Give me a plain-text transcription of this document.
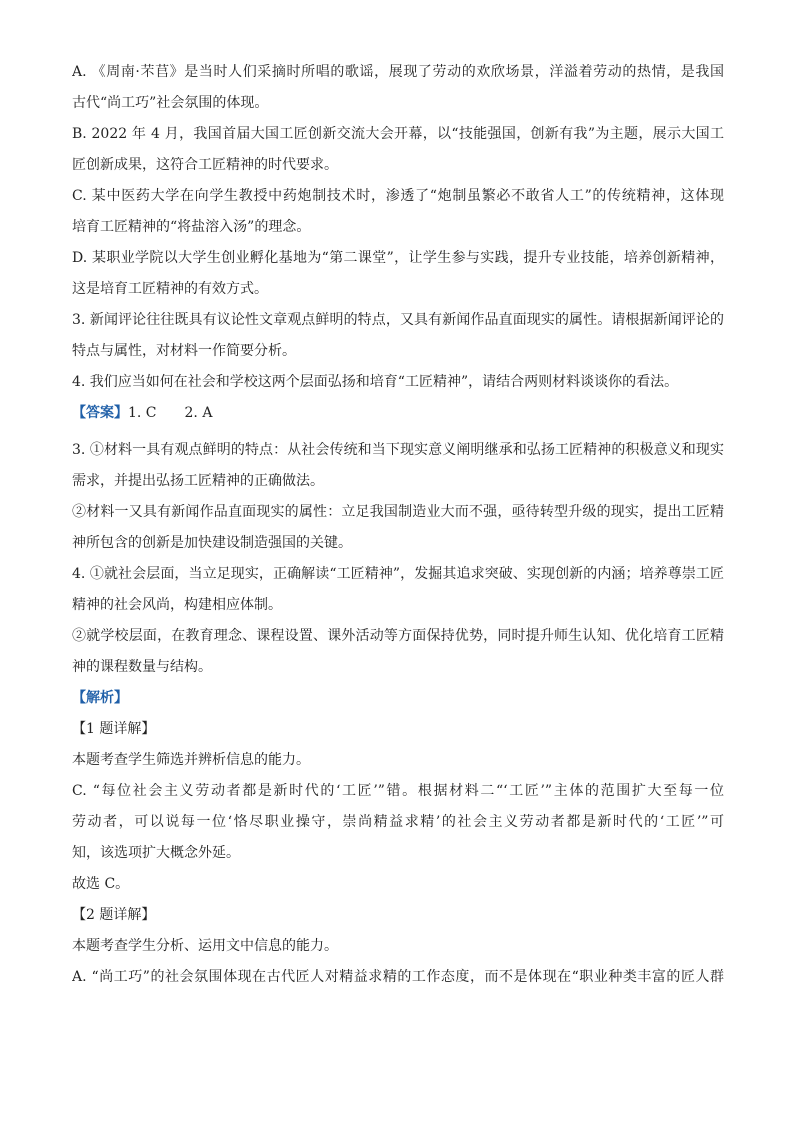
A. 《周南·芣苢》是当时人们采摘时所唱的歌谣，展现了劳动的欢欣场景，洋溢着劳动的热情，是我国
古代“尚工巧”社会氛围的体现。
B. 2022 年 4 月，我国首届大国工匠创新交流大会开幕，以“技能强国，创新有我”为主题，展示大国工
匠创新成果，这符合工匠精神的时代要求。
C. 某中医药大学在向学生教授中药炮制技术时，渗透了“炮制虽繁必不敢省人工”的传统精神，这体现
培育工匠精神的“将盐溶入汤”的理念。
D. 某职业学院以大学生创业孵化基地为“第二课堂”，让学生参与实践，提升专业技能，培养创新精神，
这是培育工匠精神的有效方式。
3. 新闻评论往往既具有议论性文章观点鲜明的特点，又具有新闻作品直面现实的属性。请根据新闻评论的
特点与属性，对材料一作简要分析。
4. 我们应当如何在社会和学校这两个层面弘扬和培育“工匠精神”，请结合两则材料谈谈你的看法。
【答案】1. C　　2. A
3. ①材料一具有观点鲜明的特点：从社会传统和当下现实意义阐明继承和弘扬工匠精神的积极意义和现实
需求，并提出弘扬工匠精神的正确做法。
②材料一又具有新闻作品直面现实的属性：立足我国制造业大而不强，亟待转型升级的现实，提出工匠精
神所包含的创新是加快建设制造强国的关键。
4. ①就社会层面，当立足现实，正确解读“工匠精神”，发掘其追求突破、实现创新的内涵；培养尊崇工匠
精神的社会风尚，构建相应体制。
②就学校层面，在教育理念、课程设置、课外活动等方面保持优势，同时提升师生认知、优化培育工匠精
神的课程数量与结构。
【解析】
【1 题详解】
本题考查学生筛选并辨析信息的能力。
C. “每位社会主义劳动者都是新时代的‘工匠’”错。根据材料二“‘工匠’”主体的范围扩大至每一位
劳动者，可以说每一位‘恪尽职业操守，崇尚精益求精’的社会主义劳动者都是新时代的‘工匠’”可
知，该选项扩大概念外延。
故选 C。
【2 题详解】
本题考查学生分析、运用文中信息的能力。
A. “尚工巧”的社会氛围体现在古代匠人对精益求精的工作态度，而不是体现在“职业种类丰富的匠人群
